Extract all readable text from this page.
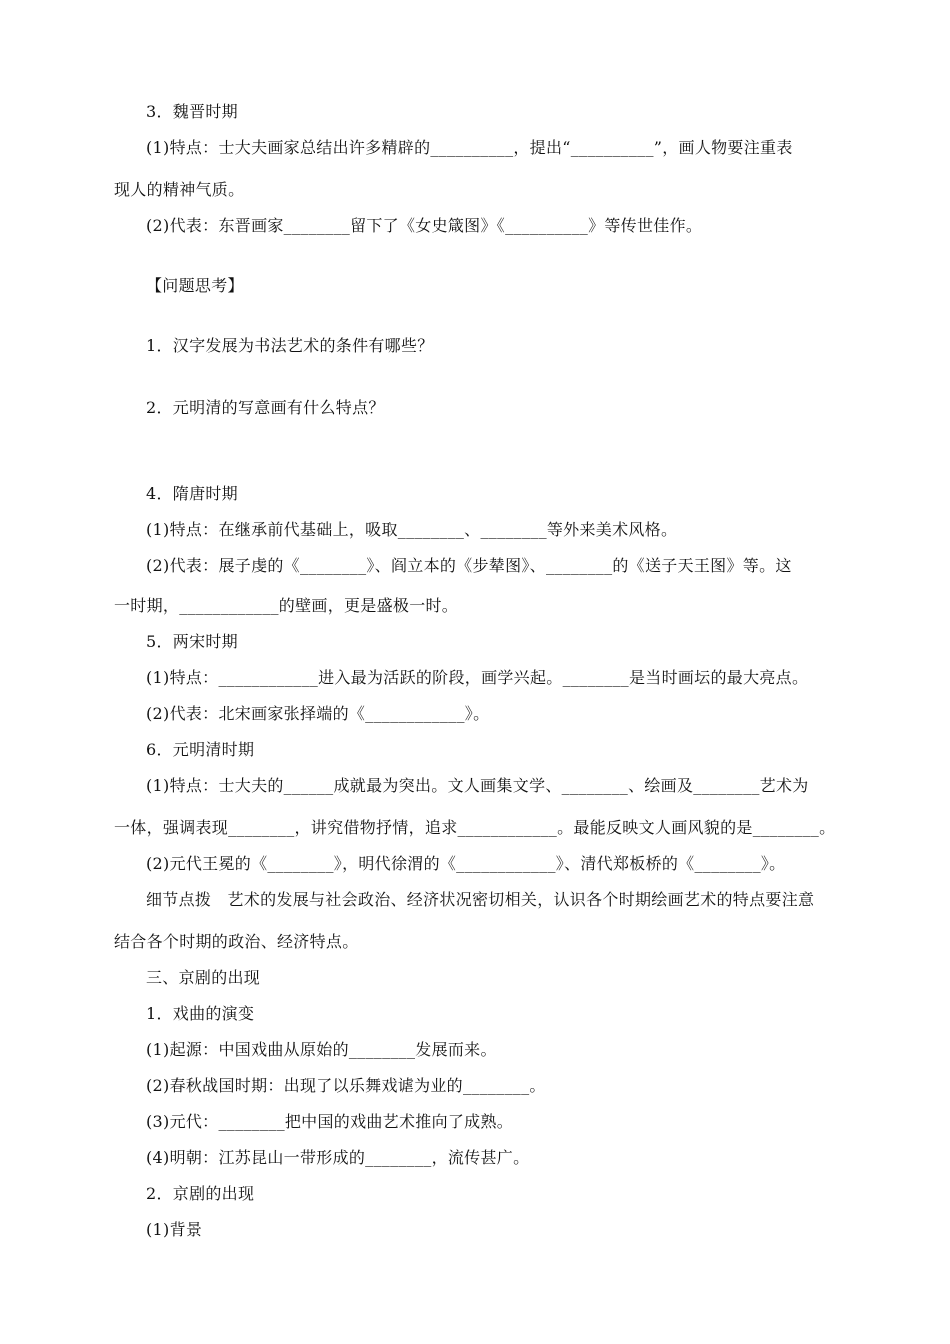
3．魏晋时期
(1)特点：士大夫画家总结出许多精辟的__________，提出“__________”，画人物要注重表
现人的精神气质。
(2)代表：东晋画家________留下了《女史箴图》《__________》等传世佳作。
【问题思考】
1．汉字发展为书法艺术的条件有哪些？
2．元明清的写意画有什么特点？
4．隋唐时期
(1)特点：在继承前代基础上，吸取________、________等外来美术风格。
(2)代表：展子虔的《________》、阎立本的《步辇图》、________的《送子天王图》等。这
一时期，____________的壁画，更是盛极一时。
5．两宋时期
(1)特点：____________进入最为活跃的阶段，画学兴起。________是当时画坛的最大亮点。
(2)代表：北宋画家张择端的《____________》。
6．元明清时期
(1)特点：士大夫的______成就最为突出。文人画集文学、________、绘画及________艺术为
一体，强调表现________，讲究借物抒情，追求____________。最能反映文人画风貌的是________。
(2)元代王冕的《________》，明代徐渭的《____________》、清代郑板桥的《________》。
细节点拨　艺术的发展与社会政治、经济状况密切相关，认识各个时期绘画艺术的特点要注意
结合各个时期的政治、经济特点。
三、京剧的出现
1．戏曲的演变
(1)起源：中国戏曲从原始的________发展而来。
(2)春秋战国时期：出现了以乐舞戏谑为业的________。
(3)元代：________把中国的戏曲艺术推向了成熟。
(4)明朝：江苏昆山一带形成的________，流传甚广。
2．京剧的出现
(1)背景
